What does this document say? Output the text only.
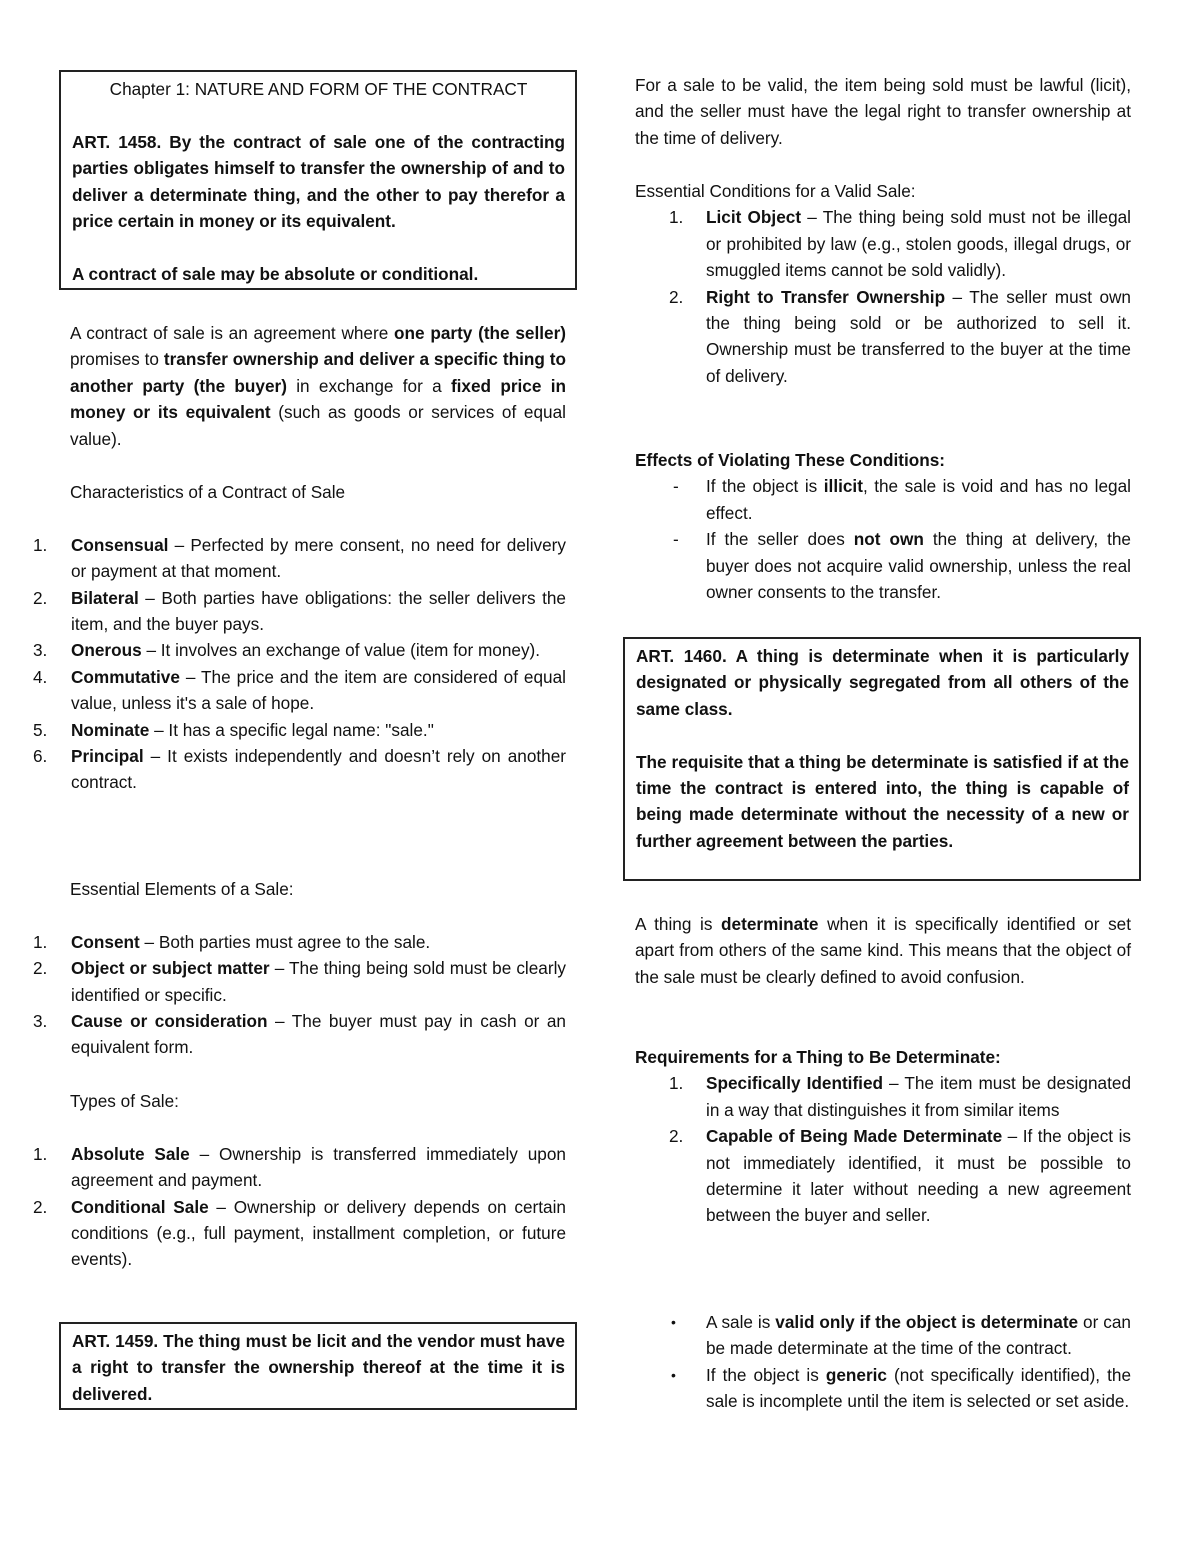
Chapter 1: NATURE AND FORM OF THE CONTRACT

ART. 1458. By the contract of sale one of the contracting parties obligates himself to transfer the ownership of and to deliver a determinate thing, and the other to pay therefor a price certain in money or its equivalent.

A contract of sale may be absolute or conditional.

A contract of sale is an agreement where one party (the seller) promises to transfer ownership and deliver a specific thing to another party (the buyer) in exchange for a fixed price in money or its equivalent (such as goods or services of equal value).

Characteristics of a Contract of Sale

1. Consensual – Perfected by mere consent, no need for delivery or payment at that moment.
2. Bilateral – Both parties have obligations: the seller delivers the item, and the buyer pays.
3. Onerous – It involves an exchange of value (item for money).
4. Commutative – The price and the item are considered of equal value, unless it's a sale of hope.
5. Nominate – It has a specific legal name: "sale."
6. Principal – It exists independently and doesn’t rely on another contract.

Essential Elements of a Sale:

1. Consent – Both parties must agree to the sale.
2. Object or subject matter – The thing being sold must be clearly identified or specific.
3. Cause or consideration – The buyer must pay in cash or an equivalent form.

Types of Sale:

1. Absolute Sale – Ownership is transferred immediately upon agreement and payment.
2. Conditional Sale – Ownership or delivery depends on certain conditions (e.g., full payment, installment completion, or future events).

ART. 1459. The thing must be licit and the vendor must have a right to transfer the ownership thereof at the time it is delivered.

For a sale to be valid, the item being sold must be lawful (licit), and the seller must have the legal right to transfer ownership at the time of delivery.

Essential Conditions for a Valid Sale:

1. Licit Object – The thing being sold must not be illegal or prohibited by law (e.g., stolen goods, illegal drugs, or smuggled items cannot be sold validly).
2. Right to Transfer Ownership – The seller must own the thing being sold or be authorized to sell it. Ownership must be transferred to the buyer at the time of delivery.

Effects of Violating These Conditions:

- If the object is illicit, the sale is void and has no legal effect.
- If the seller does not own the thing at delivery, the buyer does not acquire valid ownership, unless the real owner consents to the transfer.

ART. 1460. A thing is determinate when it is particularly designated or physically segregated from all others of the same class.

The requisite that a thing be determinate is satisfied if at the time the contract is entered into, the thing is capable of being made determinate without the necessity of a new or further agreement between the parties.

A thing is determinate when it is specifically identified or set apart from others of the same kind. This means that the object of the sale must be clearly defined to avoid confusion.

Requirements for a Thing to Be Determinate:

1. Specifically Identified – The item must be designated in a way that distinguishes it from similar items
2. Capable of Being Made Determinate – If the object is not immediately identified, it must be possible to determine it later without needing a new agreement between the buyer and seller.
• A sale is valid only if the object is determinate or can be made determinate at the time of the contract.
• If the object is generic (not specifically identified), the sale is incomplete until the item is selected or set aside.
